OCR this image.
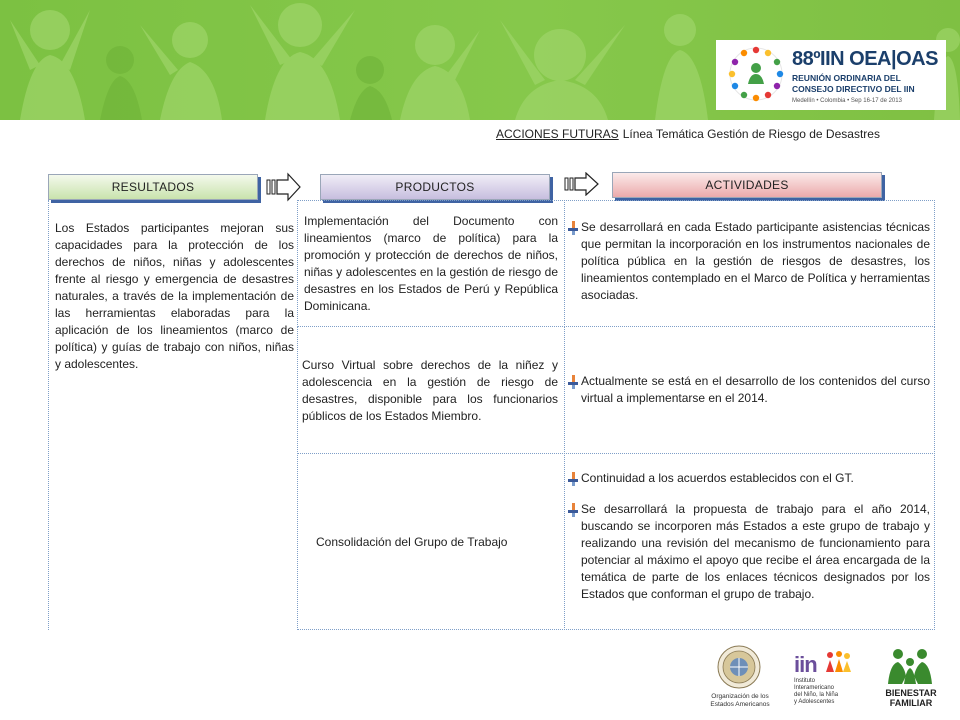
88ºIIN OEA|OAS
REUNIÓN ORDINARIA DEL
CONSEJO DIRECTIVO DEL IIN
Medellín • Colombia • Sep 16-17 de 2013
ACCIONES FUTURAS Línea Temática Gestión de Riesgo de Desastres
RESULTADOS	PRODUCTOS	ACTIVIDADES

Los Estados participantes mejoran sus capacidades para la protección de los derechos de niños, niñas y adolescentes frente al riesgo y emergencia de desastres naturales, a través de la implementación de las herramientas elaboradas para la aplicación de los lineamientos (marco de política) y guías de trabajo con niños, niñas y adolescentes.

Implementación del Documento con lineamientos (marco de política) para la promoción y protección de derechos de niños, niñas y adolescentes en la gestión de riesgo de desastres en los Estados de Perú y República Dominicana.

Se desarrollará en cada Estado participante asistencias técnicas que permitan la incorporación en los instrumentos nacionales de política pública en la gestión de riesgos de desastres, los lineamientos contemplado en el Marco de Política y herramientas asociadas.

Curso Virtual sobre derechos de la niñez y adolescencia en la gestión de riesgo de desastres, disponible para los funcionarios públicos de los Estados Miembro.

Actualmente se está en el desarrollo de los contenidos del curso virtual a implementarse en el 2014.

Consolidación del Grupo de Trabajo

Continuidad a los acuerdos establecidos con el GT.

Se desarrollará la propuesta de trabajo para el año 2014, buscando se incorporen más Estados a este grupo de trabajo y realizando una revisión del mecanismo de funcionamiento para potenciar al máximo el apoyo que recibe el área encargada de la temática de parte de los enlaces técnicos designados por los Estados que conforman el grupo de trabajo.

Organización de los
Estados Americanos
iin
Instituto
Interamericano
del Niño, la Niña
y Adolescentes
BIENESTAR
FAMILIAR
